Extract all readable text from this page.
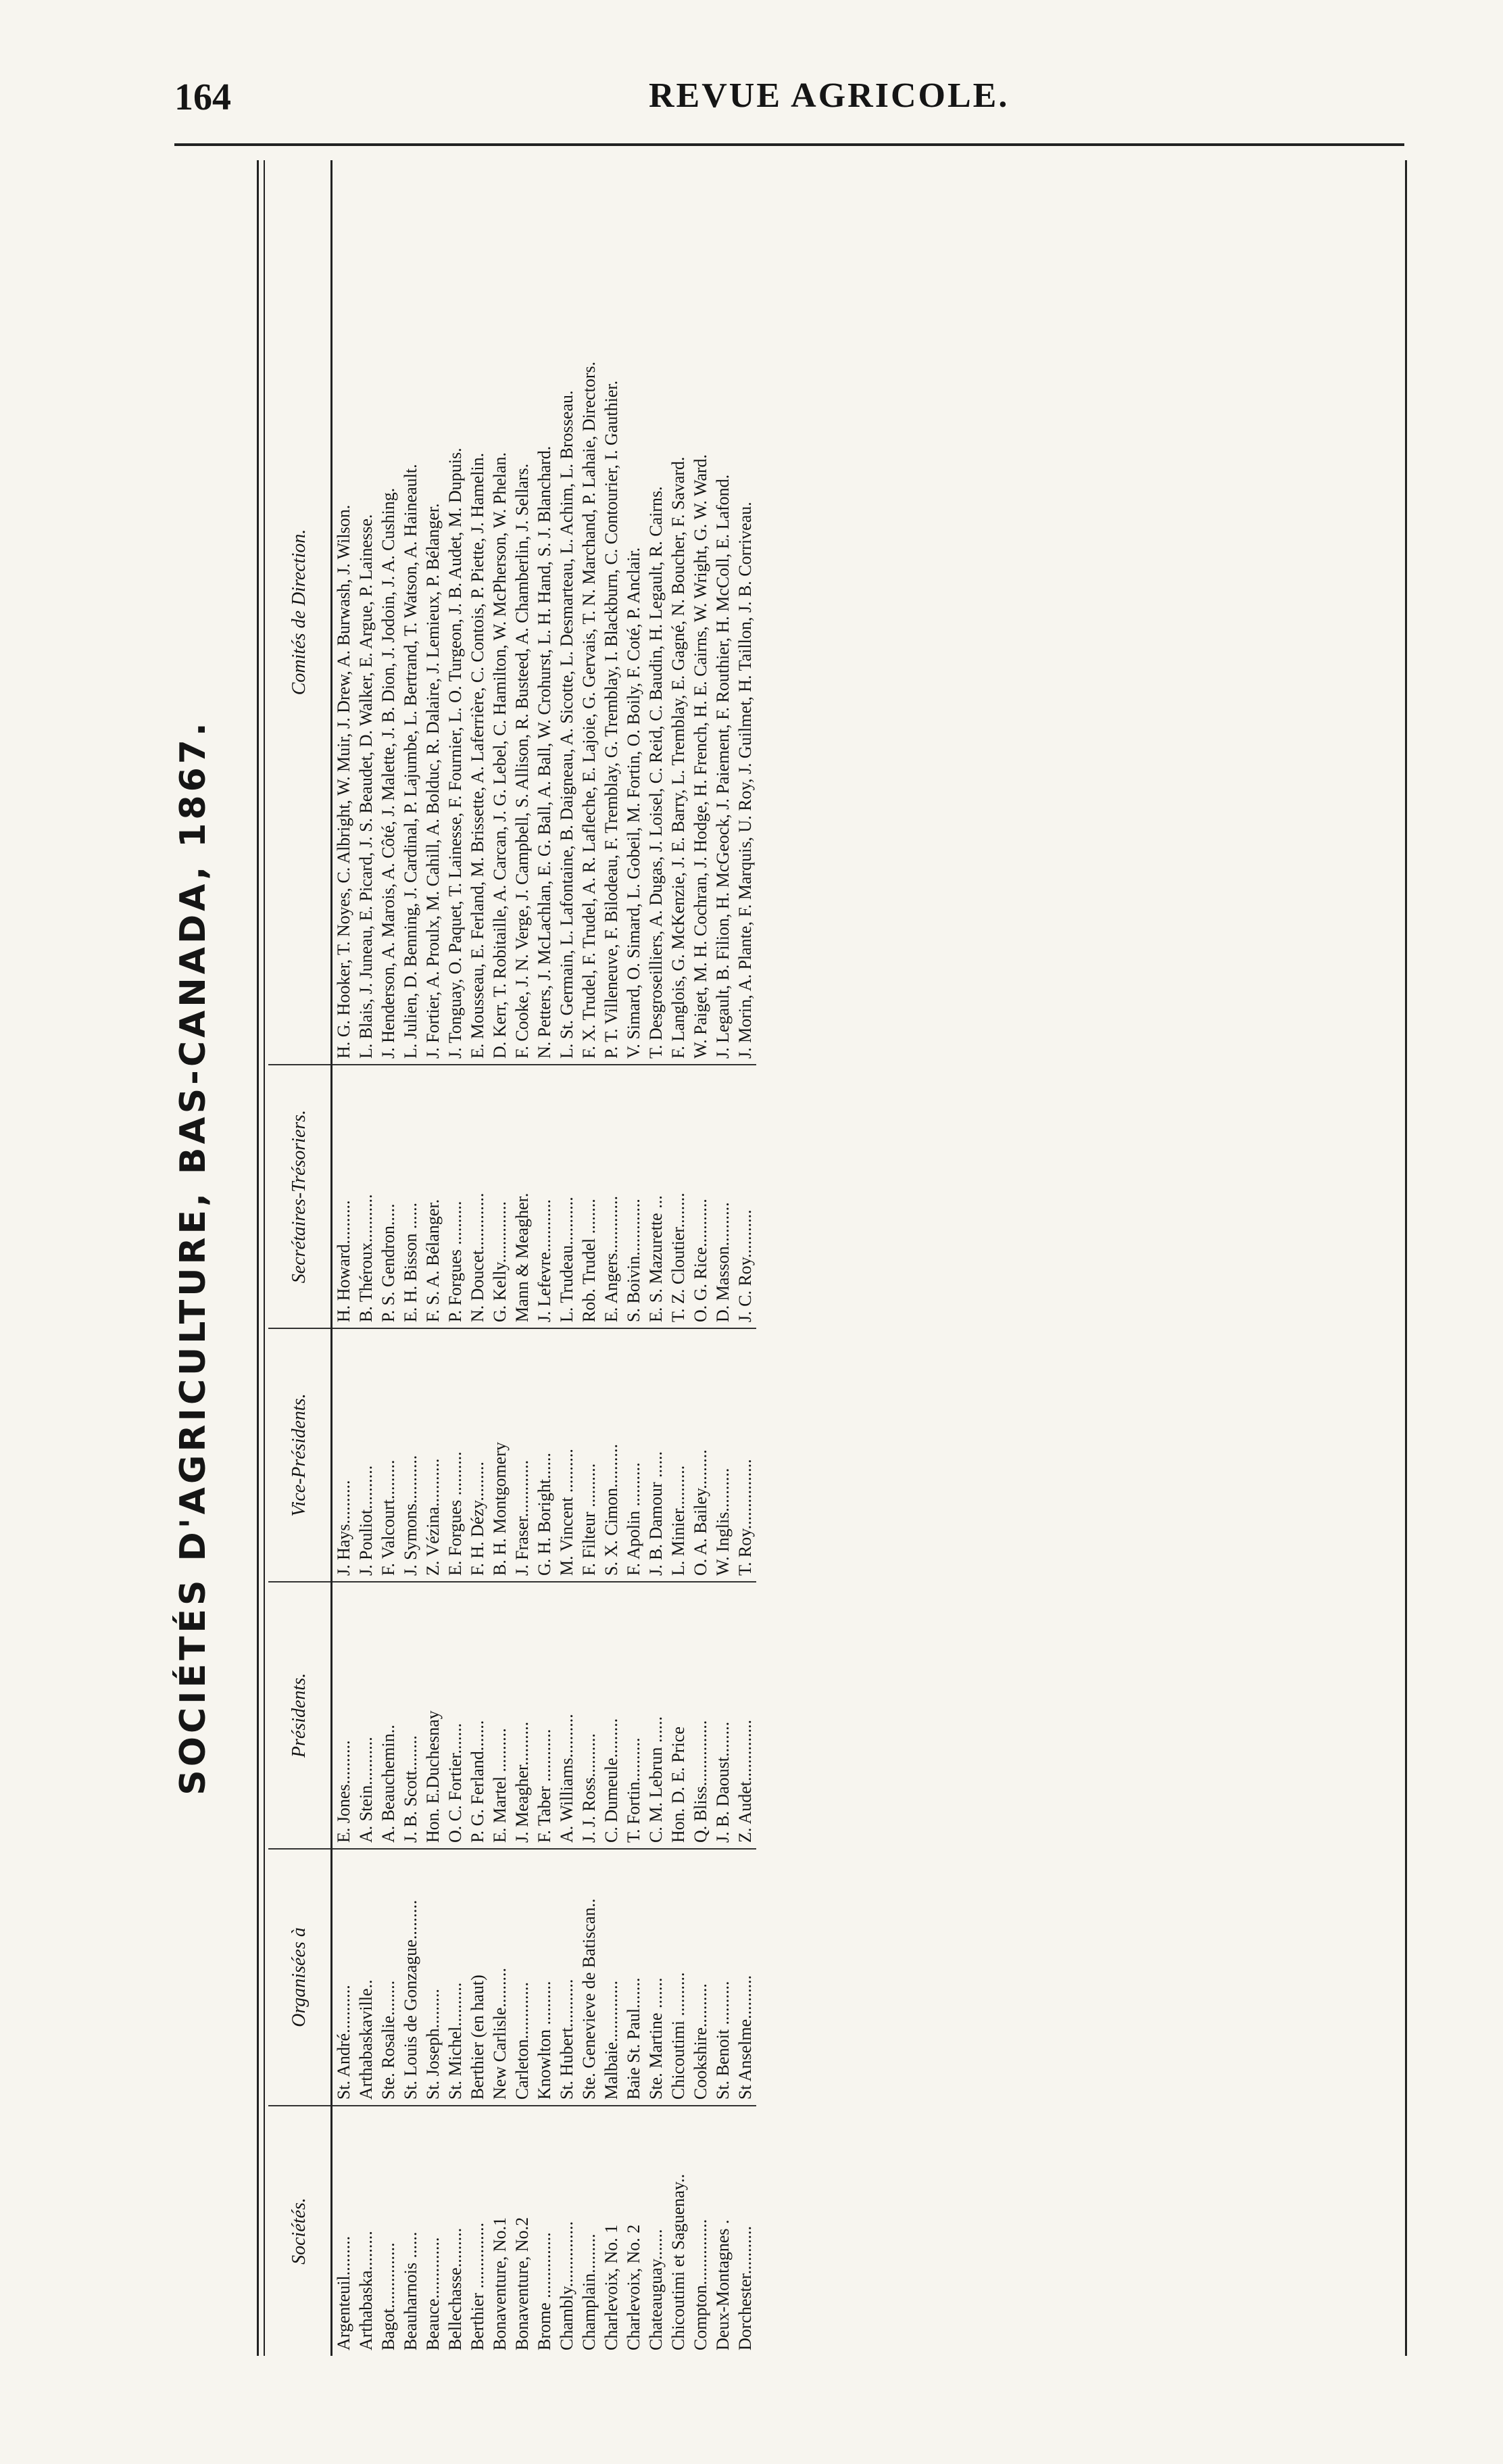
164	REVUE AGRICOLE.
SOCIÉTÉS D'AGRICULTURE, BAS-CANADA, 1867.
Sociétés.	Organisées à	Présidents.	Vice-Présidents.	Secrétaires-Trésoriers.	Comités de Direction.
Argenteuil.........	St. André...........	E. Jones..........	J. Hays..........	H. Howard..........	H. G. Hooker, T. Noyes, C. Albright, W. Muir, J. Drew, A. Burwash, J. Wilson.
Arthabaska.........	Arthabaskaville..	A. Stein...........	J. Pouliot..........	B. Théroux...........	L. Blais, J. Juneau, E. Picard, J. S. Beaudet, D. Walker, E. Argue, P. Lainesse.
Bagot...............	Ste. Rosalie........	A. Beauchemin..	F. Valcourt.........	P. S. Gendron.....	J. Henderson, A. Marois, A. Côté, J. Malette, J. B. Dion, J. Jodoin, J. A. Cushing.
Beauharnois ......	St. Louis de Gonzague.........	J. B. Scott........	J. Symons...........	E. H. Bisson ......	L. Julien, D. Benning, J. Cardinal, P. Lajumbe, L. Bertrand, T. Watson, A. Haineault.
Beauce..............	St. Joseph.........	Hon. E.Duchesnay	Z. Vézina...........	F. S. A. Bélanger.	J. Fortier, A. Proulx, M. Cahill, A. Bolduc, R. Dalaire, J. Lemieux, P. Bélanger.
Bellechasse.........	St. Michel..........	O. C. Fortier.......	E. Forgues ..........	P. Forgues ..........	J. Tonguay, O. Paquet, T. Lainesse, F. Fournier, L. O. Turgeon, J. B. Audet, M. Dupuis.
Berthier ...............	Berthier (en haut)	P. G. Ferland.......	F. H. Dézy.........	N. Doucet.............	E. Mousseau, E. Ferland, M. Brissette, A. Laferrière, C. Contois, P. Piette, J. Hamelin.
Bonaventure, No.1	New Carlisle.........	E. Martel ..........	B. H. Montgomery	G. Kelly..............	D. Kerr, T. Robitaille, A. Carcan, J. G. Lebel, C. Hamilton, W. McPherson, W. Phelan.
Bonaventure, No.2	Carleton.............	J. Meagher..........	J. Fraser.............	Mann & Meagher.	F. Cooke, J. N. Verge, J. Campbell, S. Allison, R. Busteed, A. Chamberlin, J. Sellars.
Brome ...............	Knowlton ..........	F. Taber ............	G. H. Boright......	J. Lefevre............	N. Petters, J. McLachlan, E. G. Ball, A. Ball, W. Crohurst, L. H. Hand, S. J. Blanchard.
Chambly...............	St. Hubert...........	A. Williams..........	M. Vincent ..........	L. Trudeau...........	L. St. Germain, L. Lafontaine, B. Daigneau, A. Sicotte, L. Desmarteau, L. Achim, L. Brosseau.
Champlain.........	Ste. Genevieve de Batiscan..	J. J. Ross..........	F. Filteur ..........	Rob. Trudel ........	F. X. Trudel, F. Trudel, A. R. Lafleche, E. Lajoie, G. Gervais, T. N. Marchand, P. Lahaie, Directors.
Charlevoix, No. 1	Malbaie..............	C. Dumeule.........	S. X. Cimon..........	E. Angers.............	P. T. Villeneuve, F. Bilodeau, F. Tremblay, G. Tremblay, I. Blackburn, C. Contourier, I. Gauthier.
Charlevoix, No. 2	Baie St. Paul.......	T. Fortin..........	F. Apolin ..........	S. Boivin.............	V. Simard, O. Simard, L. Gobeil, M. Fortin, O. Boily, F. Coté, P. Anclair.
Chateauguay.......	Ste. Martine .......	C. M. Lebrun ......	J. B. Damour ......	E. S. Mazurette ...	T. Desgroseilliers, A. Dugas, J. Loisel, C. Reid, C. Baudin, H. Legault, R. Cairns.
Chicoutimi et Saguenay..	Chicoutimi ..........	Hon. D. E. Price	L. Minier..........	T. Z. Cloutier........	F. Langlois, G. McKenzie, J. E. Barry, L. Tremblay, E. Gagné, N. Boucher, F. Savard.
Compton...............	Cookshire..........	Q. Bliss...............	O. A. Bailey.........	O. G. Rice...........	W. Paiget, M. H. Cochran, J. Hodge, H. French, H. E. Cairns, W. Wright, G. W. Ward.
Deux-Montagnes .	St. Benoit ..........	J. B. Daoust........	W. Inglis..........	D. Masson..........	J. Legault, B. Filion, H. McGeock, J. Paiement, F. Routhier, H. McColl, E. Lafond.
Dorchester...........	St Anselme..........	Z. Audet..............	T. Roy................	J. C. Roy...........	J. Morin, A. Plante, F. Marquis, U. Roy, J. Guilmet, H. Taillon, J. B. Corriveau.
